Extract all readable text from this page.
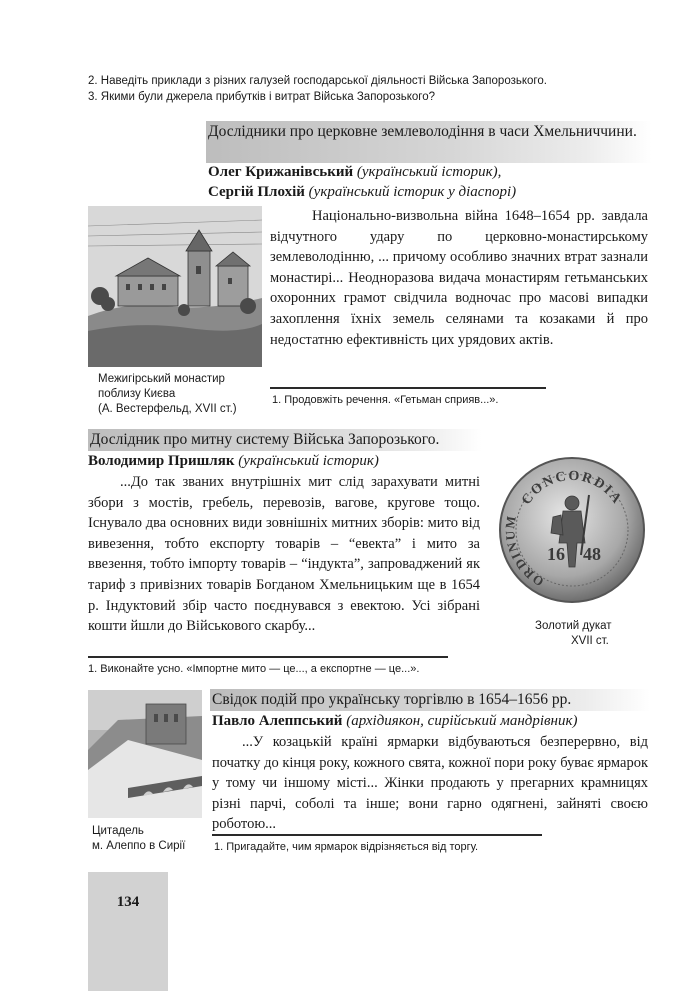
2. Наведіть приклади з різних галузей господарської діяльності Війська Запорозького.
3. Якими були джерела прибутків і витрат Війська Запорозького?
Дослідники про церковне землеволодіння в часи Хмельниччини.
Олег Крижанівський (український історик),
Сергій Плохій (український історик у діаспорі)
Межигірський монастир
поблизу Києва
(А. Вестерфельд, XVII ст.)
Національно-визвольна війна 1648–1654 рр. завдала відчутного удару по церковно-монастирському землеволодінню, ... причому особливо значних втрат зазнали монастирі... Неодноразова видача монастирям гетьманських охоронних грамот свідчила водночас про масові випадки захоплення їхніх земель селянами та козаками й про недостатню ефективність цих урядових актів.
1. Продовжіть речення. «Гетьман сприяв...».
Дослідник про митну систему Війська Запорозького.
Володимир Пришляк (український історик)
...До так званих внутрішніх мит слід зарахувати митні збори з мостів, гребель, перевозів, вагове, кругове тощо. Існувало два основних види зовнішніх митних зборів: мито від вивезення, тобто експорту товарів – “евекта” і мито за ввезення, тобто імпорту товарів – “індукта”, запроваджений як тариф з привізних товарів Богданом Хмельницьким ще в 1654 р. Індуктовий збір часто поєднувався з евектою. Усі зібрані кошти йшли до Військового скарбу...
CONCORDIA
ORDINUM
16 48
Золотий дукат
XVII ст.
1. Виконайте усно. «Імпортне мито — це..., а експортне — це...».
Цитадель
м. Алеппо в Сирії
Свідок подій про українську торгівлю в 1654–1656 рр.
Павло Алеппський (архідиякон, сирійський мандрівник)
...У козацькій країні ярмарки відбуваються безперервно, від початку до кінця року, кожного свята, кожної пори року буває ярмарок у тому чи іншому місті... Жінки продають у прегарних крамницях різні парчі, соболі та інше; вони гарно одягнені, зайняті своєю роботою...
1. Пригадайте, чим ярмарок відрізняється від торгу.
134
